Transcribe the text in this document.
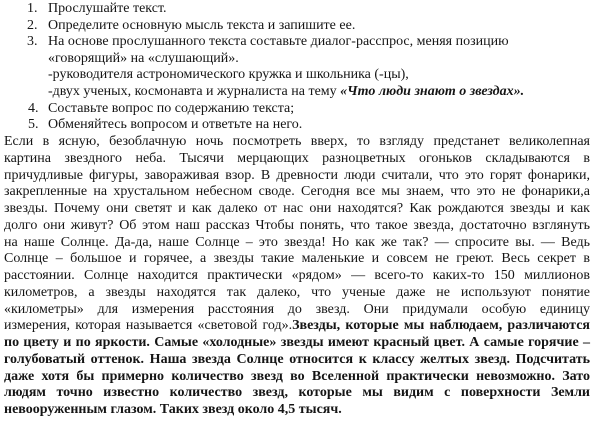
1. Прослушайте текст.
2. Определите основную мысль текста и запишите ее.
3. На основе прослушанного текста составьте диалог-расспрос, меняя позицию
«говорящий» на «слушающий».
-руководителя астрономического кружка и школьника (-цы),
-двух ученых, космонавта и журналиста на тему «Что люди знают о звездах».
4. Составьте вопрос по содержанию текста;
5. Обменяйтесь вопросом и ответьте на него.
Если в ясную, безоблачную ночь посмотреть вверх, то взгляду предстанет великолепная
картина звездного неба. Тысячи мерцающих разноцветных огоньков складываются в
причудливые фигуры, завораживая взор. В древности люди считали, что это горят фонарики,
закрепленные на хрустальном небесном своде. Сегодня все мы знаем, что это не фонарики,а
звезды. Почему они светят и как далеко от нас они находятся? Как рождаются звезды и как
долго они живут? Об этом наш рассказ Чтобы понять, что такое звезда, достаточно взглянуть
на наше Солнце. Да-да, наше Солнце – это звезда! Но как же так? — спросите вы. — Ведь
Солнце – большое и горячее, а звезды такие маленькие и совсем не греют. Весь секрет в
расстоянии. Солнце находится практически «рядом» — всего-то каких-то 150 миллионов
километров, а звезды находятся так далеко, что ученые даже не используют понятие
«километры» для измерения расстояния до звезд. Они придумали особую единицу
измерения, которая называется «световой год».Звезды, которые мы наблюдаем, различаются
по цвету и по яркости. Самые «холодные» звезды имеют красный цвет. А самые горячие –
голубоватый оттенок. Наша звезда Солнце относится к классу желтых звезд. Подсчитать
даже хотя бы примерно количество звезд во Вселенной практически невозможно. Зато
людям точно известно количество звезд, которые мы видим с поверхности Земли
невооруженным глазом. Таких звезд около 4,5 тысяч.
